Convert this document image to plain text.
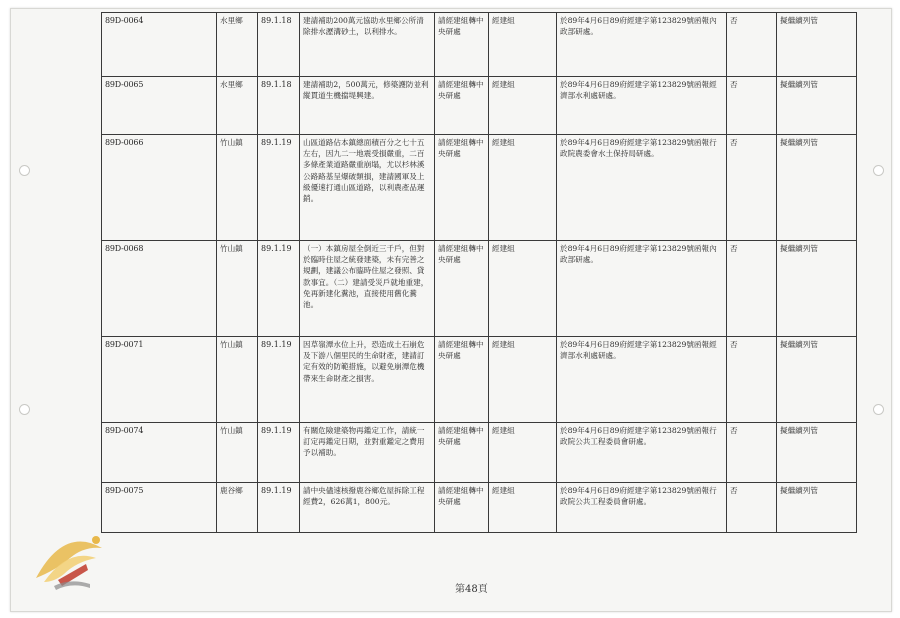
89D-0064	水里鄉	89.1.18	建請補助200萬元協助水里鄉公所清除排水瀝溝砂土，以利排水。	請經建組轉中央研處	經建組	於89年4月6日89府經建字第123829號函報內政部研處。	否	擬繼續列管
89D-0065	水里鄉	89.1.18	建請補助2，500萬元，修築護防並利縱貫道生機擋堤興建。	請經建組轉中央研處	經建組	於89年4月6日89府經建字第123829號函報經濟部水利處研處。	否	擬繼續列管
89D-0066	竹山鎮	89.1.19	山區道路佔本鎮總面積百分之七十五左右，因九二一地震受損嚴重，二百多條產業道路嚴重崩塌，尤以杉林溪公路路基呈爆破類損，建請國軍及上級優速打通山區道路，以利農產品運銷。	請經建組轉中央研處	經建組	於89年4月6日89府經建字第123829號函報行政院農委會水土保持局研處。	否	擬繼續列管
89D-0068	竹山鎮	89.1.19	（一）本鎮房屋全倒近三千戶，但對於臨時住屋之統發建築，未有完善之規劃，建議公布臨時住屋之發照、貸款事宜。（二）建請受災戶就地重建，免再新建化糞池，直接使用舊化糞池。	請經建組轉中央研處	經建組	於89年4月6日89府經建字第123829號函報內政部研處。	否	擬繼續列管
89D-0071	竹山鎮	89.1.19	因草嶺潭水位上升，恐造成土石崩危及下游八個里民的生命財產，建請訂定有效的防範措施，以避免崩潭危機帶來生命財產之損害。	請經建組轉中央研處	經建組	於89年4月6日89府經建字第123829號函報經濟部水利處研處。	否	擬繼續列管
89D-0074	竹山鎮	89.1.19	有關危險建築物再鑑定工作，請統一訂定再鑑定日期，並對重鑑定之費用予以補助。	請經建組轉中央研處	經建組	於89年4月6日89府經建字第123829號函報行政院公共工程委員會研處。	否	擬繼續列管
89D-0075	鹿谷鄉	89.1.19	請中央儘速核撥鹿谷鄉危屋拆除工程經費2，626萬1，800元。	請經建組轉中央研處	經建組	於89年4月6日89府經建字第123829號函報行政院公共工程委員會研處。	否	擬繼續列管
第48頁
